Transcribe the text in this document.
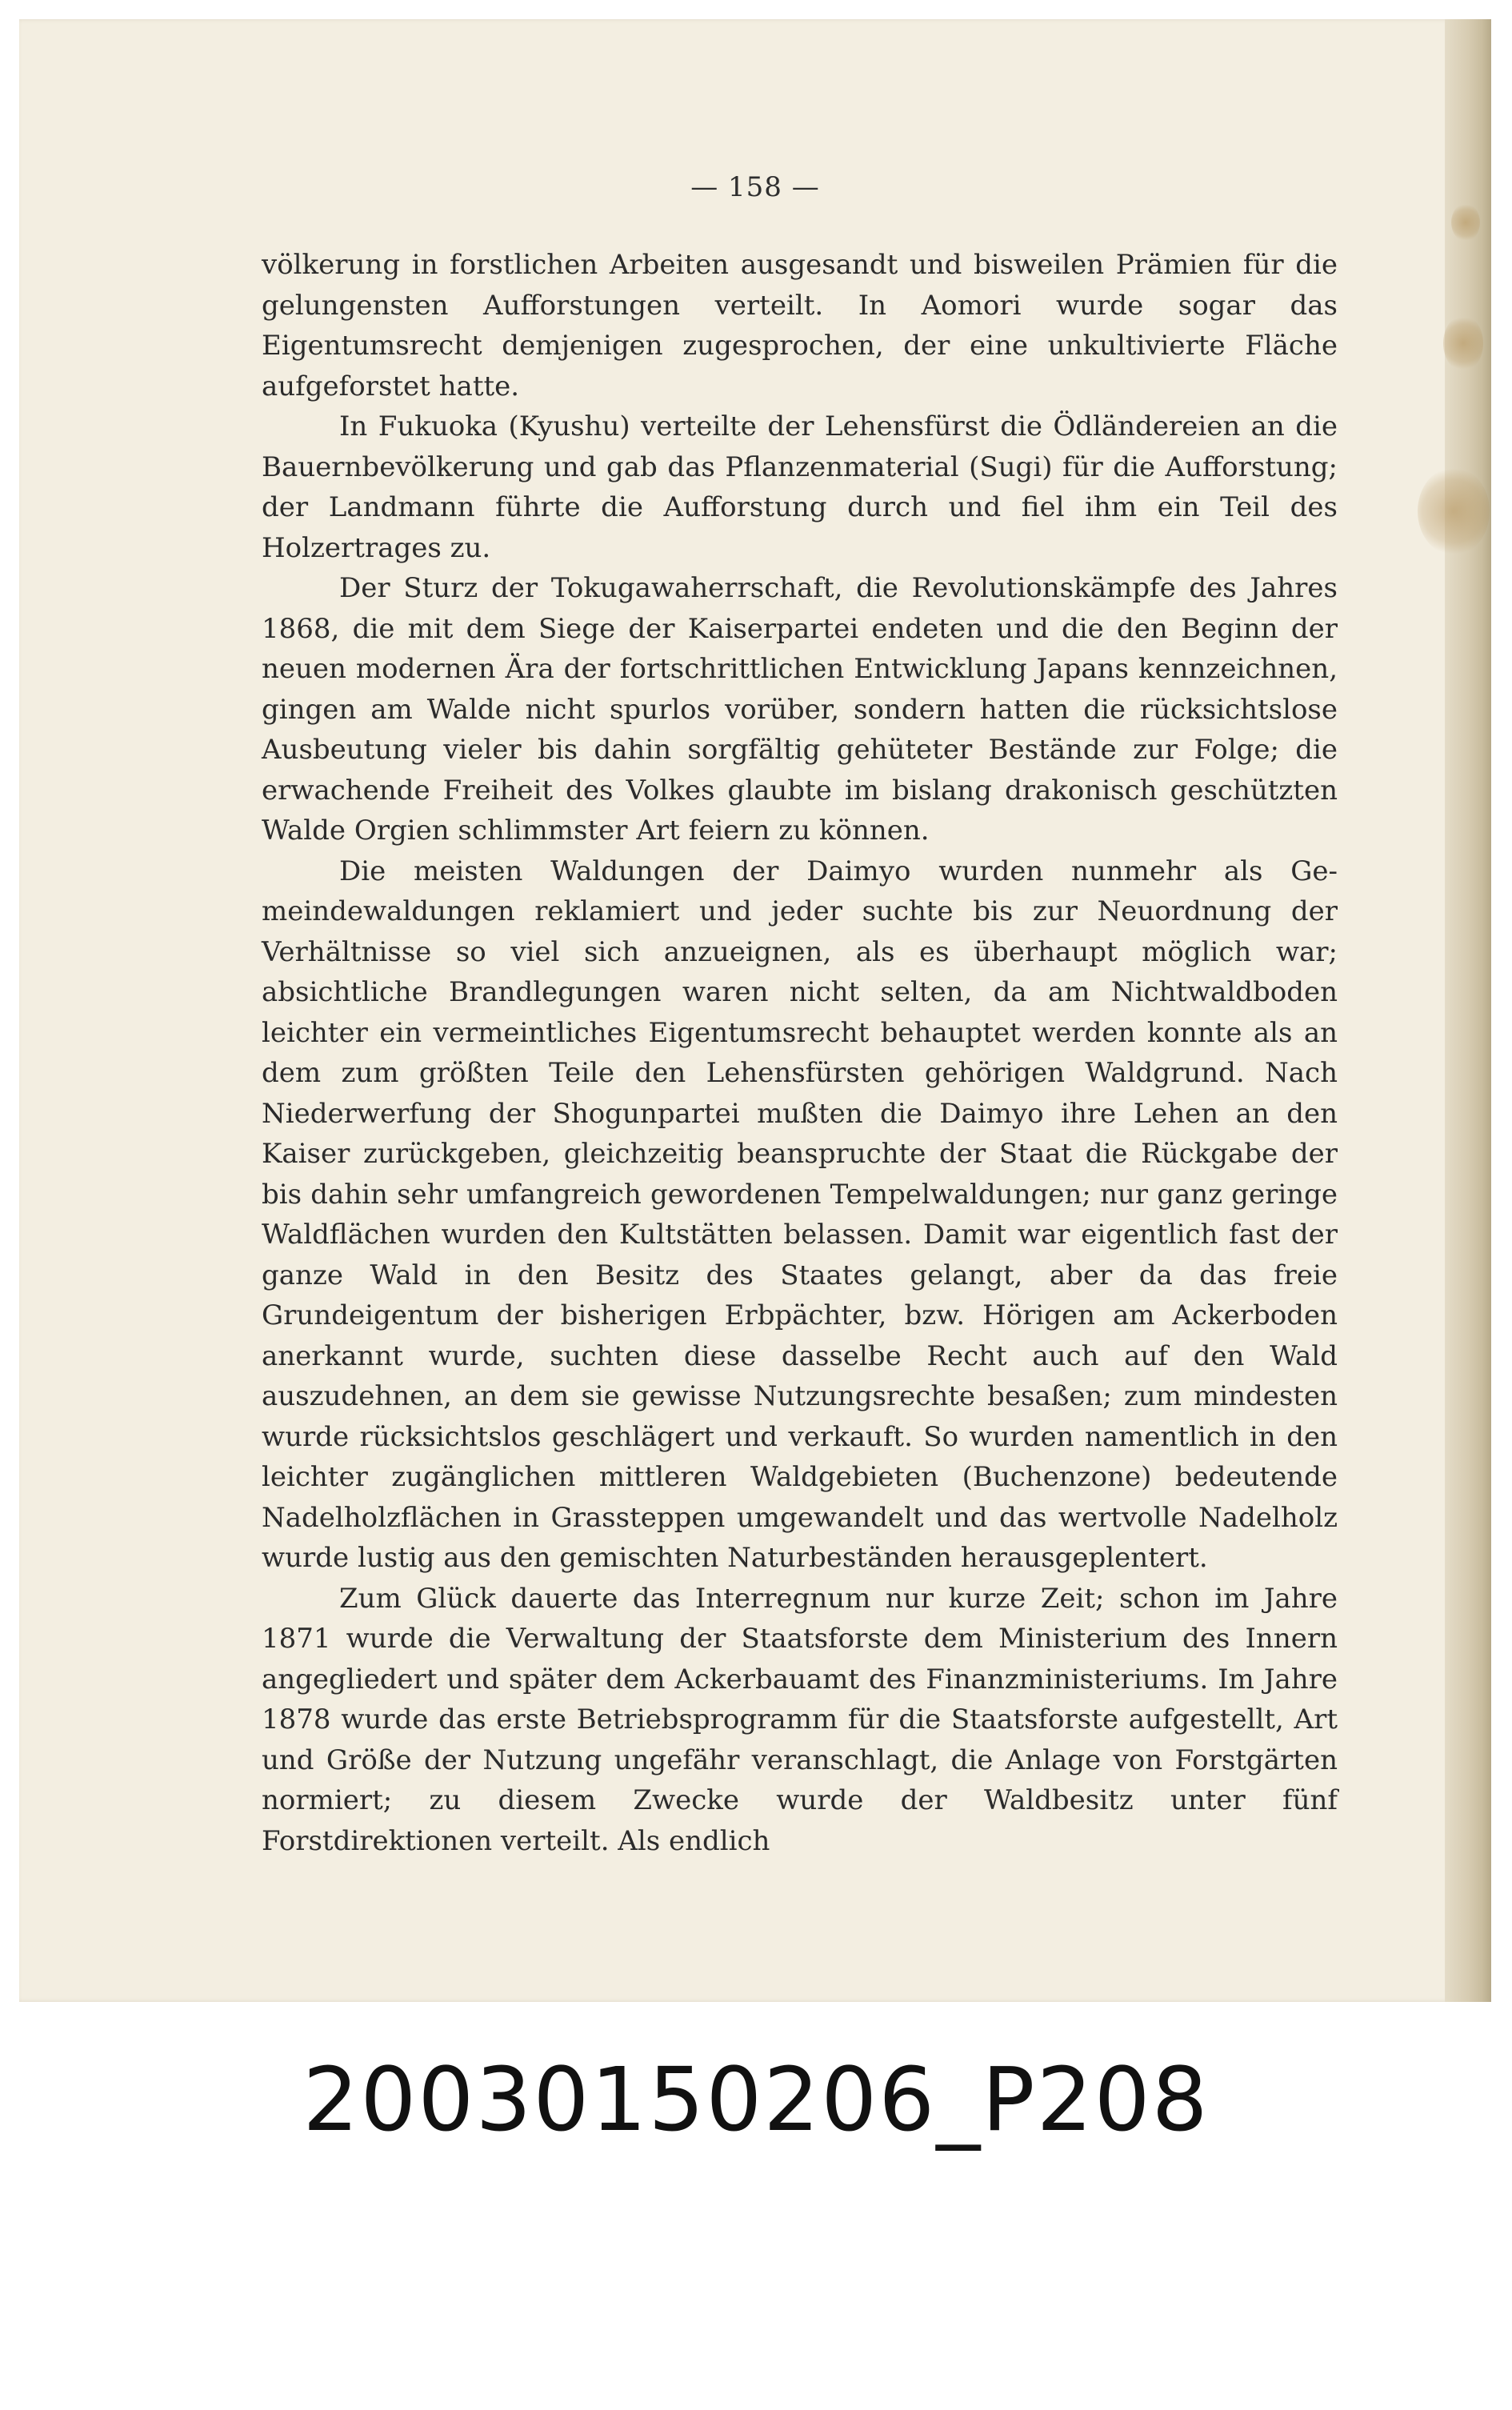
— 158 —

völkerung in forstlichen Arbeiten ausgesandt und bisweilen Prämien für die gelungensten Aufforstungen verteilt. In Aomori wurde sogar das Eigentumsrecht demjenigen zugesprochen, der eine unkultivierte Fläche aufgeforstet hatte.

In Fukuoka (Kyushu) verteilte der Lehensfürst die Ödländereien an die Bauernbevölkerung und gab das Pflanzenmaterial (Sugi) für die Aufforstung; der Landmann führte die Aufforstung durch und fiel ihm ein Teil des Holzertrages zu.

Der Sturz der Tokugawaherrschaft, die Revolutionskämpfe des Jahres 1868, die mit dem Siege der Kaiserpartei endeten und die den Beginn der neuen modernen Ära der fortschrittlichen Entwicklung Japans kennzeichnen, gingen am Walde nicht spurlos vorüber, sondern hatten die rücksichtslose Ausbeutung vieler bis dahin sorgfältig gehüteter Bestände zur Folge; die erwachende Freiheit des Volkes glaubte im bislang drakonisch geschützten Walde Orgien schlimmster Art feiern zu können.

Die meisten Waldungen der Daimyo wurden nunmehr als Gemeindewaldungen reklamiert und jeder suchte bis zur Neuordnung der Verhältnisse so viel sich anzueignen, als es überhaupt möglich war; absichtliche Brandlegungen waren nicht selten, da am Nichtwaldboden leichter ein vermeintliches Eigentumsrecht behauptet werden konnte als an dem zum größten Teile den Lehensfürsten gehörigen Waldgrund. Nach Niederwerfung der Shogunpartei mußten die Daimyo ihre Lehen an den Kaiser zurückgeben, gleichzeitig beanspruchte der Staat die Rückgabe der bis dahin sehr umfangreich gewordenen Tempelwaldungen; nur ganz geringe Waldflächen wurden den Kultstätten belassen. Damit war eigentlich fast der ganze Wald in den Besitz des Staates gelangt, aber da das freie Grundeigentum der bisherigen Erbpächter, bzw. Hörigen am Ackerboden anerkannt wurde, suchten diese dasselbe Recht auch auf den Wald auszudehnen, an dem sie gewisse Nutzungsrechte besaßen; zum mindesten wurde rücksichtslos geschlägert und verkauft. So wurden namentlich in den leichter zugänglichen mittleren Waldgebieten (Buchenzone) bedeutende Nadelholzflächen in Grassteppen umgewandelt und das wertvolle Nadelholz wurde lustig aus den gemischten Naturbeständen herausgeplentert.

Zum Glück dauerte das Interregnum nur kurze Zeit; schon im Jahre 1871 wurde die Verwaltung der Staatsforste dem Ministerium des Innern angegliedert und später dem Ackerbauamt des Finanzministeriums. Im Jahre 1878 wurde das erste Betriebsprogramm für die Staatsforste aufgestellt, Art und Größe der Nutzung ungefähr veranschlagt, die Anlage von Forstgärten normiert; zu diesem Zwecke wurde der Waldbesitz unter fünf Forstdirektionen verteilt. Als endlich

20030150206_P208
